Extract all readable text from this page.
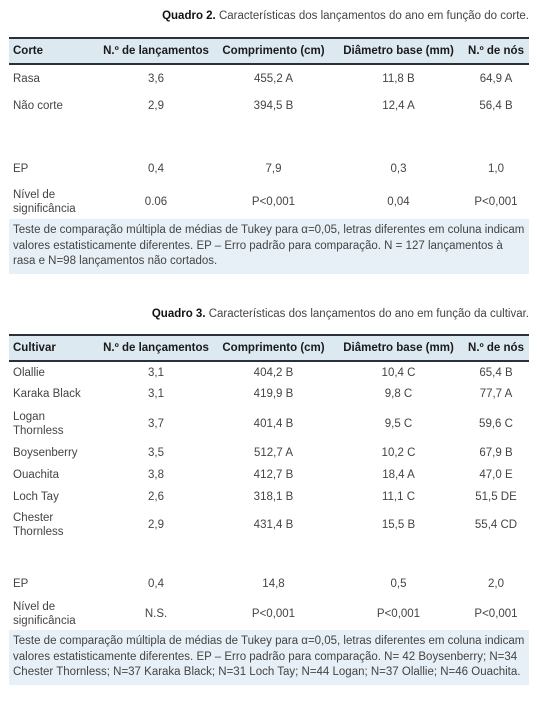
Quadro 2. Características dos lançamentos do ano em função do corte.
Corte	N.º de lançamentos	Comprimento (cm)	Diâmetro base (mm)	N.º de nós
Rasa	3,6	455,2 A	11,8 B	64,9 A
Não corte	2,9	394,5 B	12,4 A	56,4 B

EP	0,4	7,9	0,3	1,0
Nível de significância	0.06	P<0,001	0,04	P<0,001
Teste de comparação múltipla de médias de Tukey para α=0,05, letras diferentes em coluna indicam valores estatisticamente diferentes. EP – Erro padrão para comparação. N = 127 lançamentos à rasa e N=98 lançamentos não cortados.
Quadro 3. Características dos lançamentos do ano em função da cultivar.
Cultivar	N.º de lançamentos	Comprimento (cm)	Diâmetro base (mm)	N.º de nós
Olallie	3,1	404,2 B	10,4 C	65,4 B
Karaka Black	3,1	419,9 B	9,8 C	77,7 A
Logan Thornless	3,7	401,4 B	9,5 C	59,6 C
Boysenberry	3,5	512,7 A	10,2 C	67,9 B
Ouachita	3,8	412,7 B	18,4 A	47,0 E
Loch Tay	2,6	318,1 B	11,1 C	51,5 DE
Chester Thornless	2,9	431,4 B	15,5 B	55,4 CD

EP	0,4	14,8	0,5	2,0
Nível de significância	N.S.	P<0,001	P<0,001	P<0,001
Teste de comparação múltipla de médias de Tukey para α=0,05, letras diferentes em coluna indicam valores estatisticamente diferentes. EP – Erro padrão para comparação. N= 42 Boysenberry; N=34 Chester Thornless; N=37 Karaka Black; N=31 Loch Tay; N=44 Logan; N=37 Olallie; N=46 Ouachita.
